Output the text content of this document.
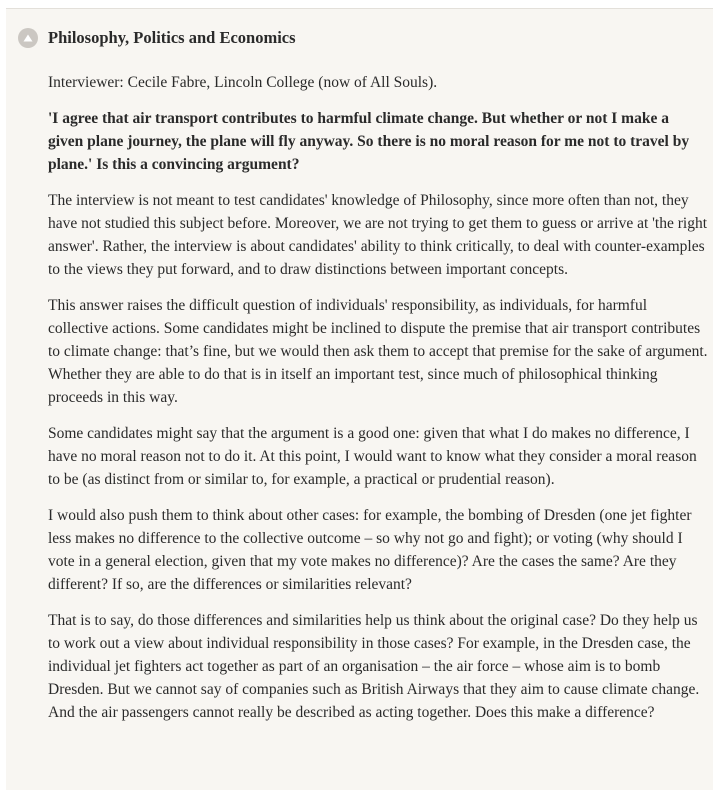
Philosophy, Politics and Economics

Interviewer: Cecile Fabre, Lincoln College (now of All Souls).

'I agree that air transport contributes to harmful climate change. But whether or not I make a given plane journey, the plane will fly anyway. So there is no moral reason for me not to travel by plane.' Is this a convincing argument?

The interview is not meant to test candidates' knowledge of Philosophy, since more often than not, they have not studied this subject before. Moreover, we are not trying to get them to guess or arrive at 'the right answer'. Rather, the interview is about candidates' ability to think critically, to deal with counter-examples to the views they put forward, and to draw distinctions between important concepts.

This answer raises the difficult question of individuals' responsibility, as individuals, for harmful collective actions. Some candidates might be inclined to dispute the premise that air transport contributes to climate change: that’s fine, but we would then ask them to accept that premise for the sake of argument. Whether they are able to do that is in itself an important test, since much of philosophical thinking proceeds in this way.

Some candidates might say that the argument is a good one: given that what I do makes no difference, I have no moral reason not to do it. At this point, I would want to know what they consider a moral reason to be (as distinct from or similar to, for example, a practical or prudential reason).

I would also push them to think about other cases: for example, the bombing of Dresden (one jet fighter less makes no difference to the collective outcome – so why not go and fight); or voting (why should I vote in a general election, given that my vote makes no difference)? Are the cases the same? Are they different? If so, are the differences or similarities relevant?

That is to say, do those differences and similarities help us think about the original case? Do they help us to work out a view about individual responsibility in those cases? For example, in the Dresden case, the individual jet fighters act together as part of an organisation – the air force – whose aim is to bomb Dresden. But we cannot say of companies such as British Airways that they aim to cause climate change. And the air passengers cannot really be described as acting together. Does this make a difference?
